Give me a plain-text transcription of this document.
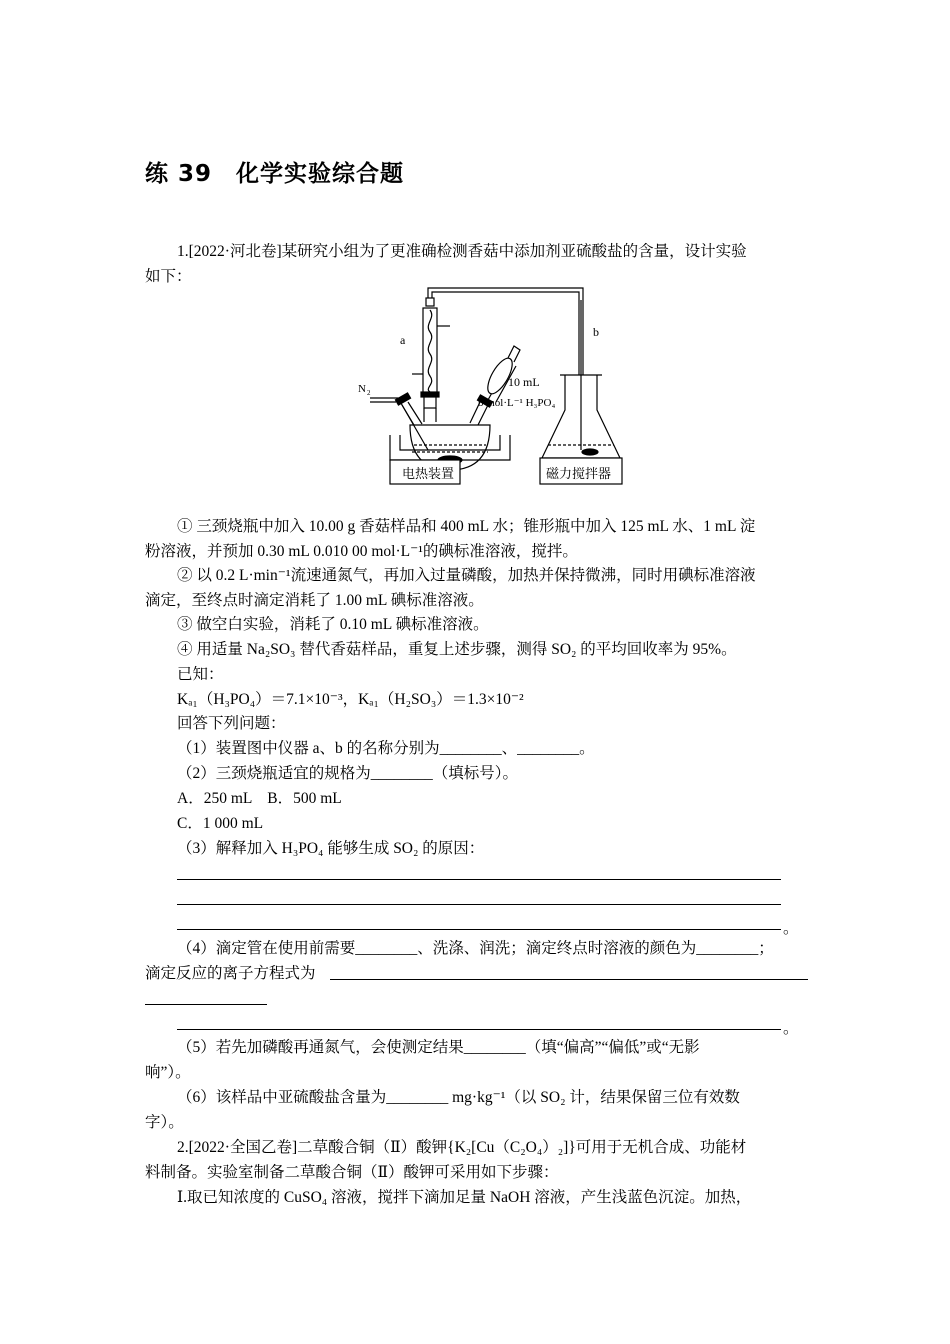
练 39　化学实验综合题
1.[2022·河北卷]某研究小组为了更准确检测香菇中添加剂亚硫酸盐的含量，设计实验
如下：
a
b
N 2
10 mL
b mol·L⁻¹ H₃PO₄
电热装置	磁力搅拌器
① 三颈烧瓶中加入 10.00 g 香菇样品和 400 mL 水；锥形瓶中加入 125 mL 水、1 mL 淀
粉溶液，并预加 0.30 mL 0.010 00 mol·L⁻¹的碘标准溶液，搅拌。
② 以 0.2 L·min⁻¹流速通氮气，再加入过量磷酸，加热并保持微沸，同时用碘标准溶液
滴定，至终点时滴定消耗了 1.00 mL 碘标准溶液。
③ 做空白实验，消耗了 0.10 mL 碘标准溶液。
④ 用适量 Na₂SO₃ 替代香菇样品，重复上述步骤，测得 SO₂ 的平均回收率为 95%。
已知：
Kₐ₁（H₃PO₄）＝7.1×10⁻³，Kₐ₁（H₂SO₃）＝1.3×10⁻²
回答下列问题：
（1）装置图中仪器 a、b 的名称分别为________、________。
（2）三颈烧瓶适宜的规格为________（填标号）。
A．250 mL　B．500 mL
C．1 000 mL
（3）解释加入 H₃PO₄ 能够生成 SO₂ 的原因：
。
（4）滴定管在使用前需要________、洗涤、润洗；滴定终点时溶液的颜色为________；
滴定反应的离子方程式为
。
（5）若先加磷酸再通氮气，会使测定结果________（填“偏高”“偏低”或“无影
响”）。
（6）该样品中亚硫酸盐含量为________ mg·kg⁻¹（以 SO₂ 计，结果保留三位有效数
字）。
2.[2022·全国乙卷]二草酸合铜（Ⅱ）酸钾{K₂[Cu（C₂O₄）₂]}可用于无机合成、功能材
料制备。实验室制备二草酸合铜（Ⅱ）酸钾可采用如下步骤：
Ⅰ.取已知浓度的 CuSO₄ 溶液，搅拌下滴加足量 NaOH 溶液，产生浅蓝色沉淀。加热，
